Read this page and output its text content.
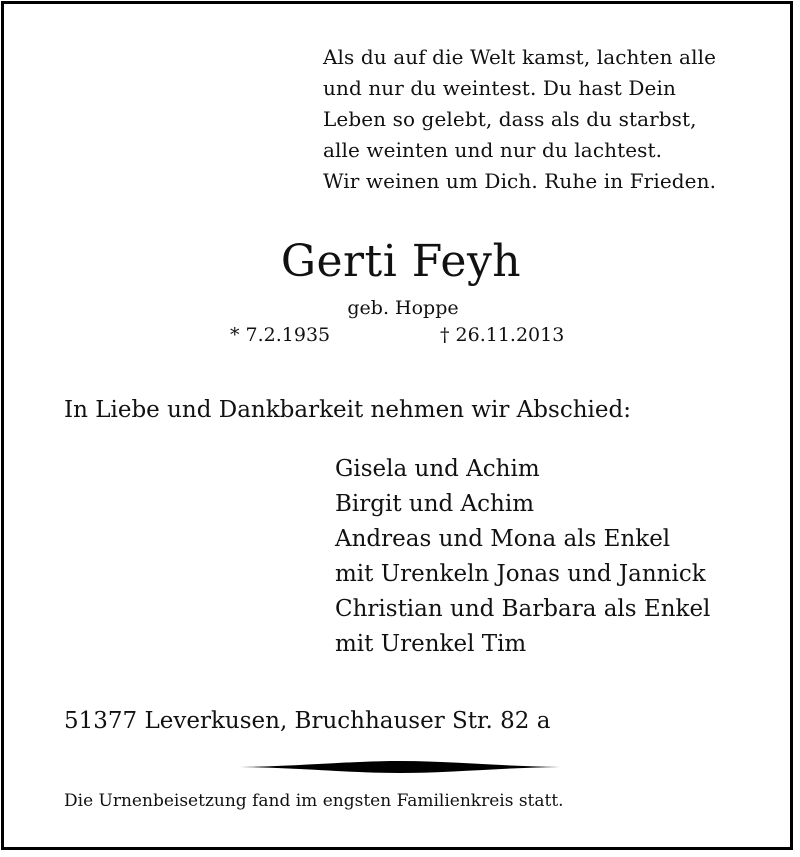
Als du auf die Welt kamst, lachten alle
und nur du weintest. Du hast Dein
Leben so gelebt, dass als du starbst,
alle weinten und nur du lachtest.
Wir weinen um Dich. Ruhe in Frieden.
Gerti Feyh
geb. Hoppe
* 7.2.1935	† 26.11.2013
In Liebe und Dankbarkeit nehmen wir Abschied:
Gisela und Achim
Birgit und Achim
Andreas und Mona als Enkel
mit Urenkeln Jonas und Jannick
Christian und Barbara als Enkel
mit Urenkel Tim
51377 Leverkusen, Bruchhauser Str. 82 a
Die Urnenbeisetzung fand im engsten Familienkreis statt.
